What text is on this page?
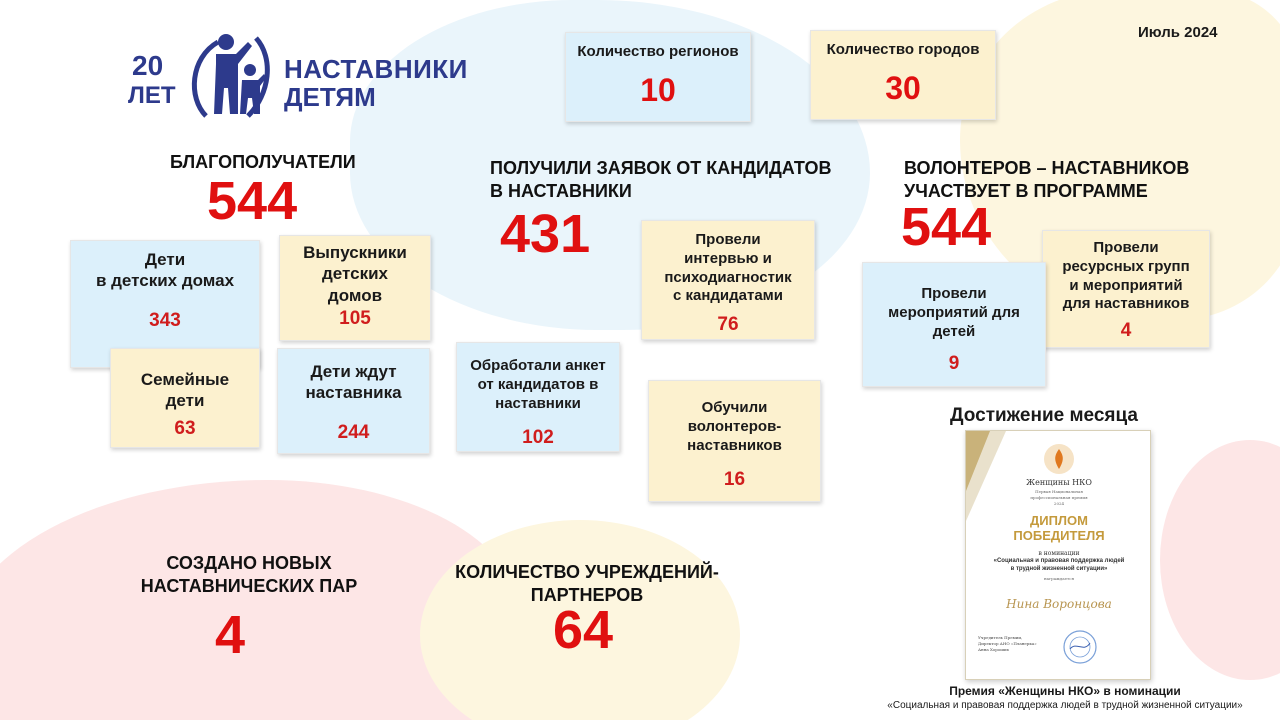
20
ЛЕТ
НАСТАВНИКИ
ДЕТЯМ
Июль 2024
Количество регионов
10
Количество городов
30
БЛАГОПОЛУЧАТЕЛИ
544
Дети
в детских домах
343
Выпускники
детских
домов
105
Семейные
дети
63
Дети ждут
наставника
244
ПОЛУЧИЛИ ЗАЯВОК ОТ КАНДИДАТОВ
В НАСТАВНИКИ
431	Провели
интервью и
психодиагностик
с кандидатами
76
Обработали анкет
от кандидатов в
наставники
102
Обучили
волонтеров-
наставников
16
ВОЛОНТЕРОВ – НАСТАВНИКОВ
УЧАСТВУЕТ В ПРОГРАММЕ
544	Провели
ресурсных групп
и мероприятий
для наставников
4
Провели
мероприятий для
детей
9
СОЗДАНО НОВЫХ
НАСТАВНИЧЕСКИХ ПАР
4
КОЛИЧЕСТВО УЧРЕЖДЕНИЙ-
ПАРТНЕРОВ
64
Достижение месяца
Женщины НКО
Первая Национальная
профессиональная премия
2024
ДИПЛОМ
ПОБЕДИТЕЛЯ
в номинации
«Социальная и правовая поддержка людей
в трудной жизненной ситуации»
награждается
Нина Воронцова
Учредитель Премии,
Директор АНО «Планерка»
Анна Хороших
Премия «Женщины НКО» в номинации
«Социальная и правовая поддержка людей в трудной жизненной ситуации»
